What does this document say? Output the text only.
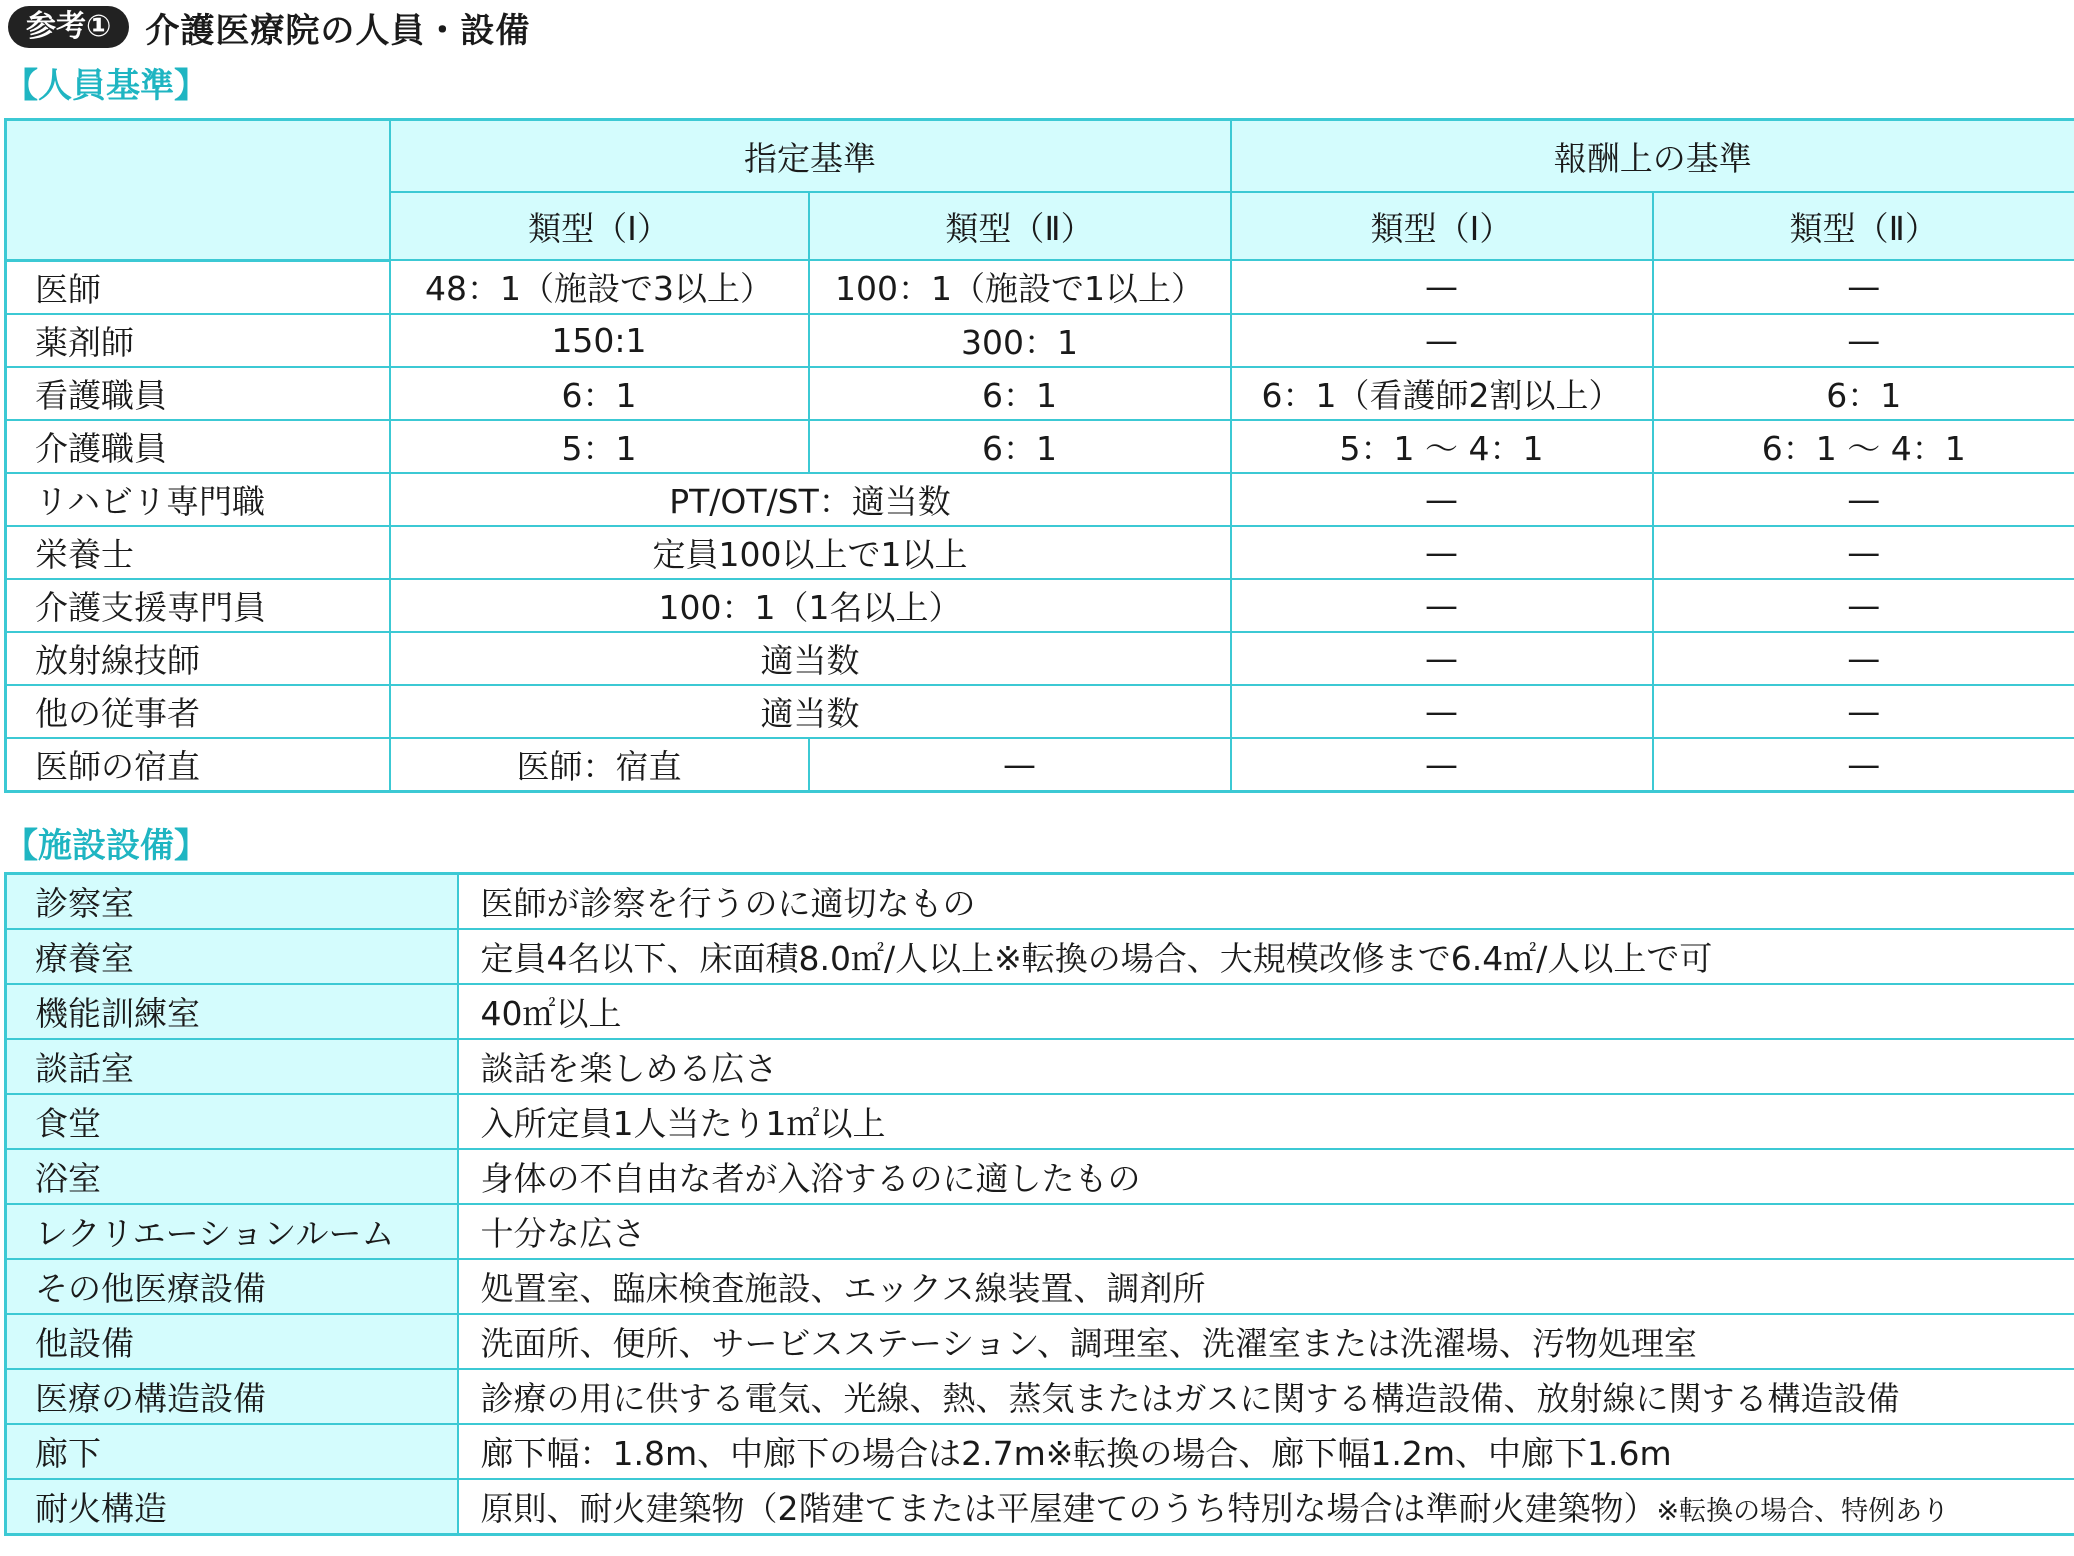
参考①	介護医療院の人員・設備
【人員基準】
	指定基準		報酬上の基準	
	類型（Ⅰ）	類型（Ⅱ）	類型（Ⅰ）	類型（Ⅱ）
医師	48：1（施設で3以上）	100：1（施設で1以上）	—	—
薬剤師	150:1	300：1	—	—
看護職員	6：1	6：1	6：1（看護師2割以上）	6：1
介護職員	5：1	6：1	5：1 〜 4：1	6：1 〜 4：1
リハビリ専門職	PT/OT/ST：適当数		—	—
栄養士	定員100以上で1以上		—	—
介護支援専門員	100：1（1名以上）		—	—
放射線技師	適当数		—	—
他の従事者	適当数		—	—
医師の宿直	医師：宿直	—	—	—
【施設設備】
診察室	医師が診察を行うのに適切なもの
療養室	定員4名以下、床面積8.0㎡/人以上※転換の場合、大規模改修まで6.4㎡/人以上で可
機能訓練室	40㎡以上
談話室	談話を楽しめる広さ
食堂	入所定員1人当たり1㎡以上
浴室	身体の不自由な者が入浴するのに適したもの
レクリエーションルーム	十分な広さ
その他医療設備	処置室、臨床検査施設、エックス線装置、調剤所
他設備	洗面所、便所、サービスステーション、調理室、洗濯室または洗濯場、汚物処理室
医療の構造設備	診療の用に供する電気、光線、熱、蒸気またはガスに関する構造設備、放射線に関する構造設備
廊下	廊下幅：1.8m、中廊下の場合は2.7m※転換の場合、廊下幅1.2m、中廊下1.6m
耐火構造	原則、耐火建築物（2階建てまたは平屋建てのうち特別な場合は準耐火建築物）※転換の場合、特例あり
